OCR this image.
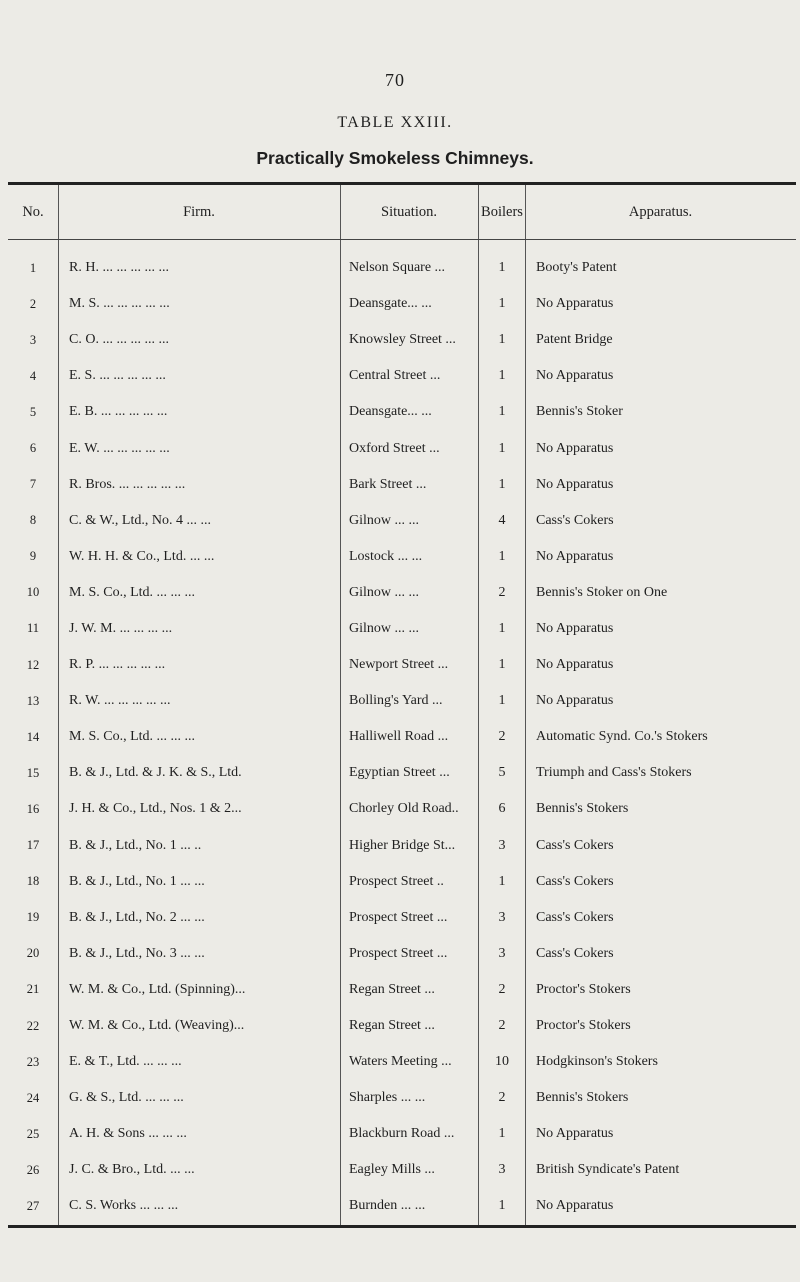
70
TABLE XXIII.
Practically Smokeless Chimneys.
No.	Firm.	Situation.	Boilers	Apparatus.
1	R. H. ... ... ... ... ...	Nelson Square ...	1	Booty's Patent
2	M. S. ... ... ... ... ...	Deansgate... ...	1	No Apparatus
3	C. O. ... ... ... ... ...	Knowsley Street ...	1	Patent Bridge
4	E. S. ... ... ... ... ...	Central Street ...	1	No Apparatus
5	E. B. ... ... ... ... ...	Deansgate... ...	1	Bennis's Stoker
6	E. W. ... ... ... ... ...	Oxford Street ...	1	No Apparatus
7	R. Bros. ... ... ... ... ...	Bark Street ...	1	No Apparatus
8	C. & W., Ltd., No. 4 ... ...	Gilnow ... ...	4	Cass's Cokers
9	W. H. H. & Co., Ltd. ... ...	Lostock ... ...	1	No Apparatus
10	M. S. Co., Ltd. ... ... ...	Gilnow ... ...	2	Bennis's Stoker on One
11	J. W. M. ... ... ... ...	Gilnow ... ...	1	No Apparatus
12	R. P. ... ... ... ... ...	Newport Street ...	1	No Apparatus
13	R. W. ... ... ... ... ...	Bolling's Yard ...	1	No Apparatus
14	M. S. Co., Ltd. ... ... ...	Halliwell Road ...	2	Automatic Synd. Co.'s Stokers
15	B. & J., Ltd. & J. K. & S., Ltd.	Egyptian Street ...	5	Triumph and Cass's Stokers
16	J. H. & Co., Ltd., Nos. 1 & 2...	Chorley Old Road..	6	Bennis's Stokers
17	B. & J., Ltd., No. 1 ... ..	Higher Bridge St...	3	Cass's Cokers
18	B. & J., Ltd., No. 1 ... ...	Prospect Street ..	1	Cass's Cokers
19	B. & J., Ltd., No. 2 ... ...	Prospect Street ...	3	Cass's Cokers
20	B. & J., Ltd., No. 3 ... ...	Prospect Street ...	3	Cass's Cokers
21	W. M. & Co., Ltd. (Spinning)...	Regan Street ...	2	Proctor's Stokers
22	W. M. & Co., Ltd. (Weaving)...	Regan Street ...	2	Proctor's Stokers
23	E. & T., Ltd. ... ... ...	Waters Meeting ...	10	Hodgkinson's Stokers
24	G. & S., Ltd. ... ... ...	Sharples ... ...	2	Bennis's Stokers
25	A. H. & Sons ... ... ...	Blackburn Road ...	1	No Apparatus
26	J. C. & Bro., Ltd. ... ...	Eagley Mills ...	3	British Syndicate's Patent
27	C. S. Works ... ... ...	Burnden ... ...	1	No Apparatus
